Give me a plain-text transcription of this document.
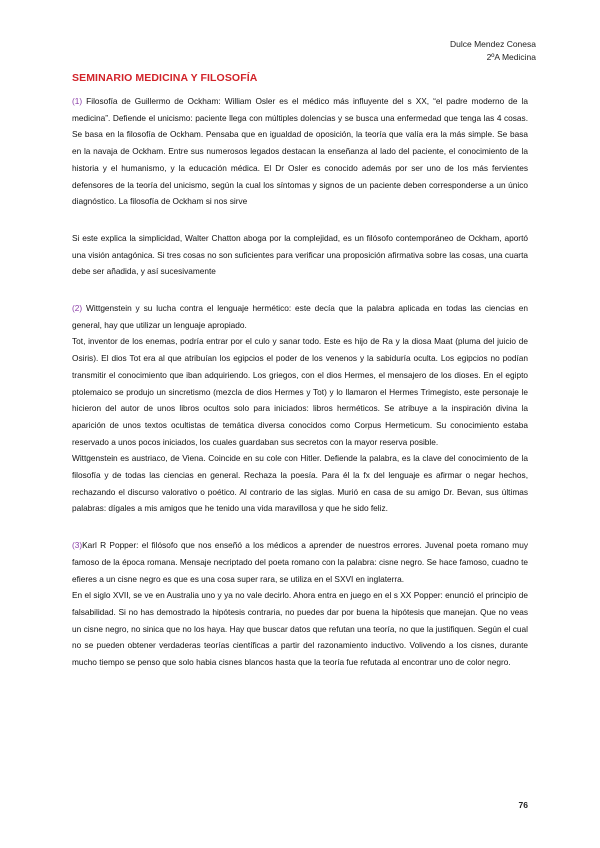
Dulce Mendez Conesa
2ºA Medicina
SEMINARIO MEDICINA Y FILOSOFÍA

(1) Filosofía de Guillermo de Ockham: William Osler es el médico más influyente del s XX, “el padre moderno de la medicina”. Defiende el unicismo: paciente llega con múltiples dolencias y se busca una enfermedad que tenga las 4 cosas. Se basa en la filosofía de Ockham. Pensaba que en igualdad de oposición, la teoría que valía era la más simple. Se basa en la navaja de Ockham. Entre sus numerosos legados destacan la enseñanza al lado del paciente, el conocimiento de la historia y el humanismo, y la educación médica. El Dr Osler es conocido además por ser uno de los más fervientes defensores de la teoría del unicismo, según la cual los síntomas y signos de un paciente deben corresponderse a un único diagnóstico. La filosofía de Ockham si nos sirve

Si este explica la simplicidad, Walter Chatton aboga por la complejidad, es un filósofo contemporáneo de Ockham, aportó una visión antagónica. Si tres cosas no son suficientes para verificar una proposición afirmativa sobre las cosas, una cuarta debe ser añadida, y así sucesivamente

(2) Wittgenstein y su lucha contra el lenguaje hermético: este decía que la palabra aplicada en todas las ciencias en general, hay que utilizar un lenguaje apropiado.

Tot, inventor de los enemas, podría entrar por el culo y sanar todo. Este es hijo de Ra y la diosa Maat (pluma del juicio de Osiris). El dios Tot era al que atribuían los egipcios el poder de los venenos y la sabiduría oculta. Los egipcios no podían transmitir el conocimiento que iban adquiriendo. Los griegos, con el dios Hermes, el mensajero de los dioses. En el egipto ptolemaico se produjo un sincretismo (mezcla de dios Hermes y Tot) y lo llamaron el Hermes Trimegisto, este personaje le hicieron del autor de unos libros ocultos solo para iniciados: libros herméticos. Se atribuye a la inspiración divina la aparición de unos textos ocultistas de temática diversa conocidos como Corpus Hermeticum. Su conocimiento estaba reservado a unos pocos iniciados, los cuales guardaban sus secretos con la mayor reserva posible.

Wittgenstein es austriaco, de Viena. Coincide en su cole con Hitler. Defiende la palabra, es la clave del conocimiento de la filosofía y de todas las ciencias en general. Rechaza la poesía. Para él la fx del lenguaje es afirmar o negar hechos, rechazando el discurso valorativo o poético. Al contrario de las siglas. Murió en casa de su amigo Dr. Bevan, sus últimas palabras: dígales a mis amigos que he tenido una vida maravillosa y que he sido feliz.

(3)Karl R Popper: el filósofo que nos enseñó a los médicos a aprender de nuestros errores. Juvenal poeta romano muy famoso de la época romana. Mensaje necriptado del poeta romano con la palabra: cisne negro. Se hace famoso, cuadno te efieres a un cisne negro es que es una cosa super rara, se utiliza en el SXVI en inglaterra.

En el siglo XVII, se ve en Australia uno y ya no vale decirlo. Ahora entra en juego en el s XX Popper: enunció el principio de falsabilidad. Si no has demostrado la hipótesis contraria, no puedes dar por buena la hipótesis que manejan. Que no veas un cisne negro, no sinica que no los haya. Hay que buscar datos que refutan una teoría, no que la justifiquen. Según el cual no se pueden obtener verdaderas teorías científicas a partir del razonamiento inductivo. Volivendo a los cisnes, durante mucho tiempo se penso que solo habia cisnes blancos hasta que la teoría fue refutada al encontrar uno de color negro.

76
